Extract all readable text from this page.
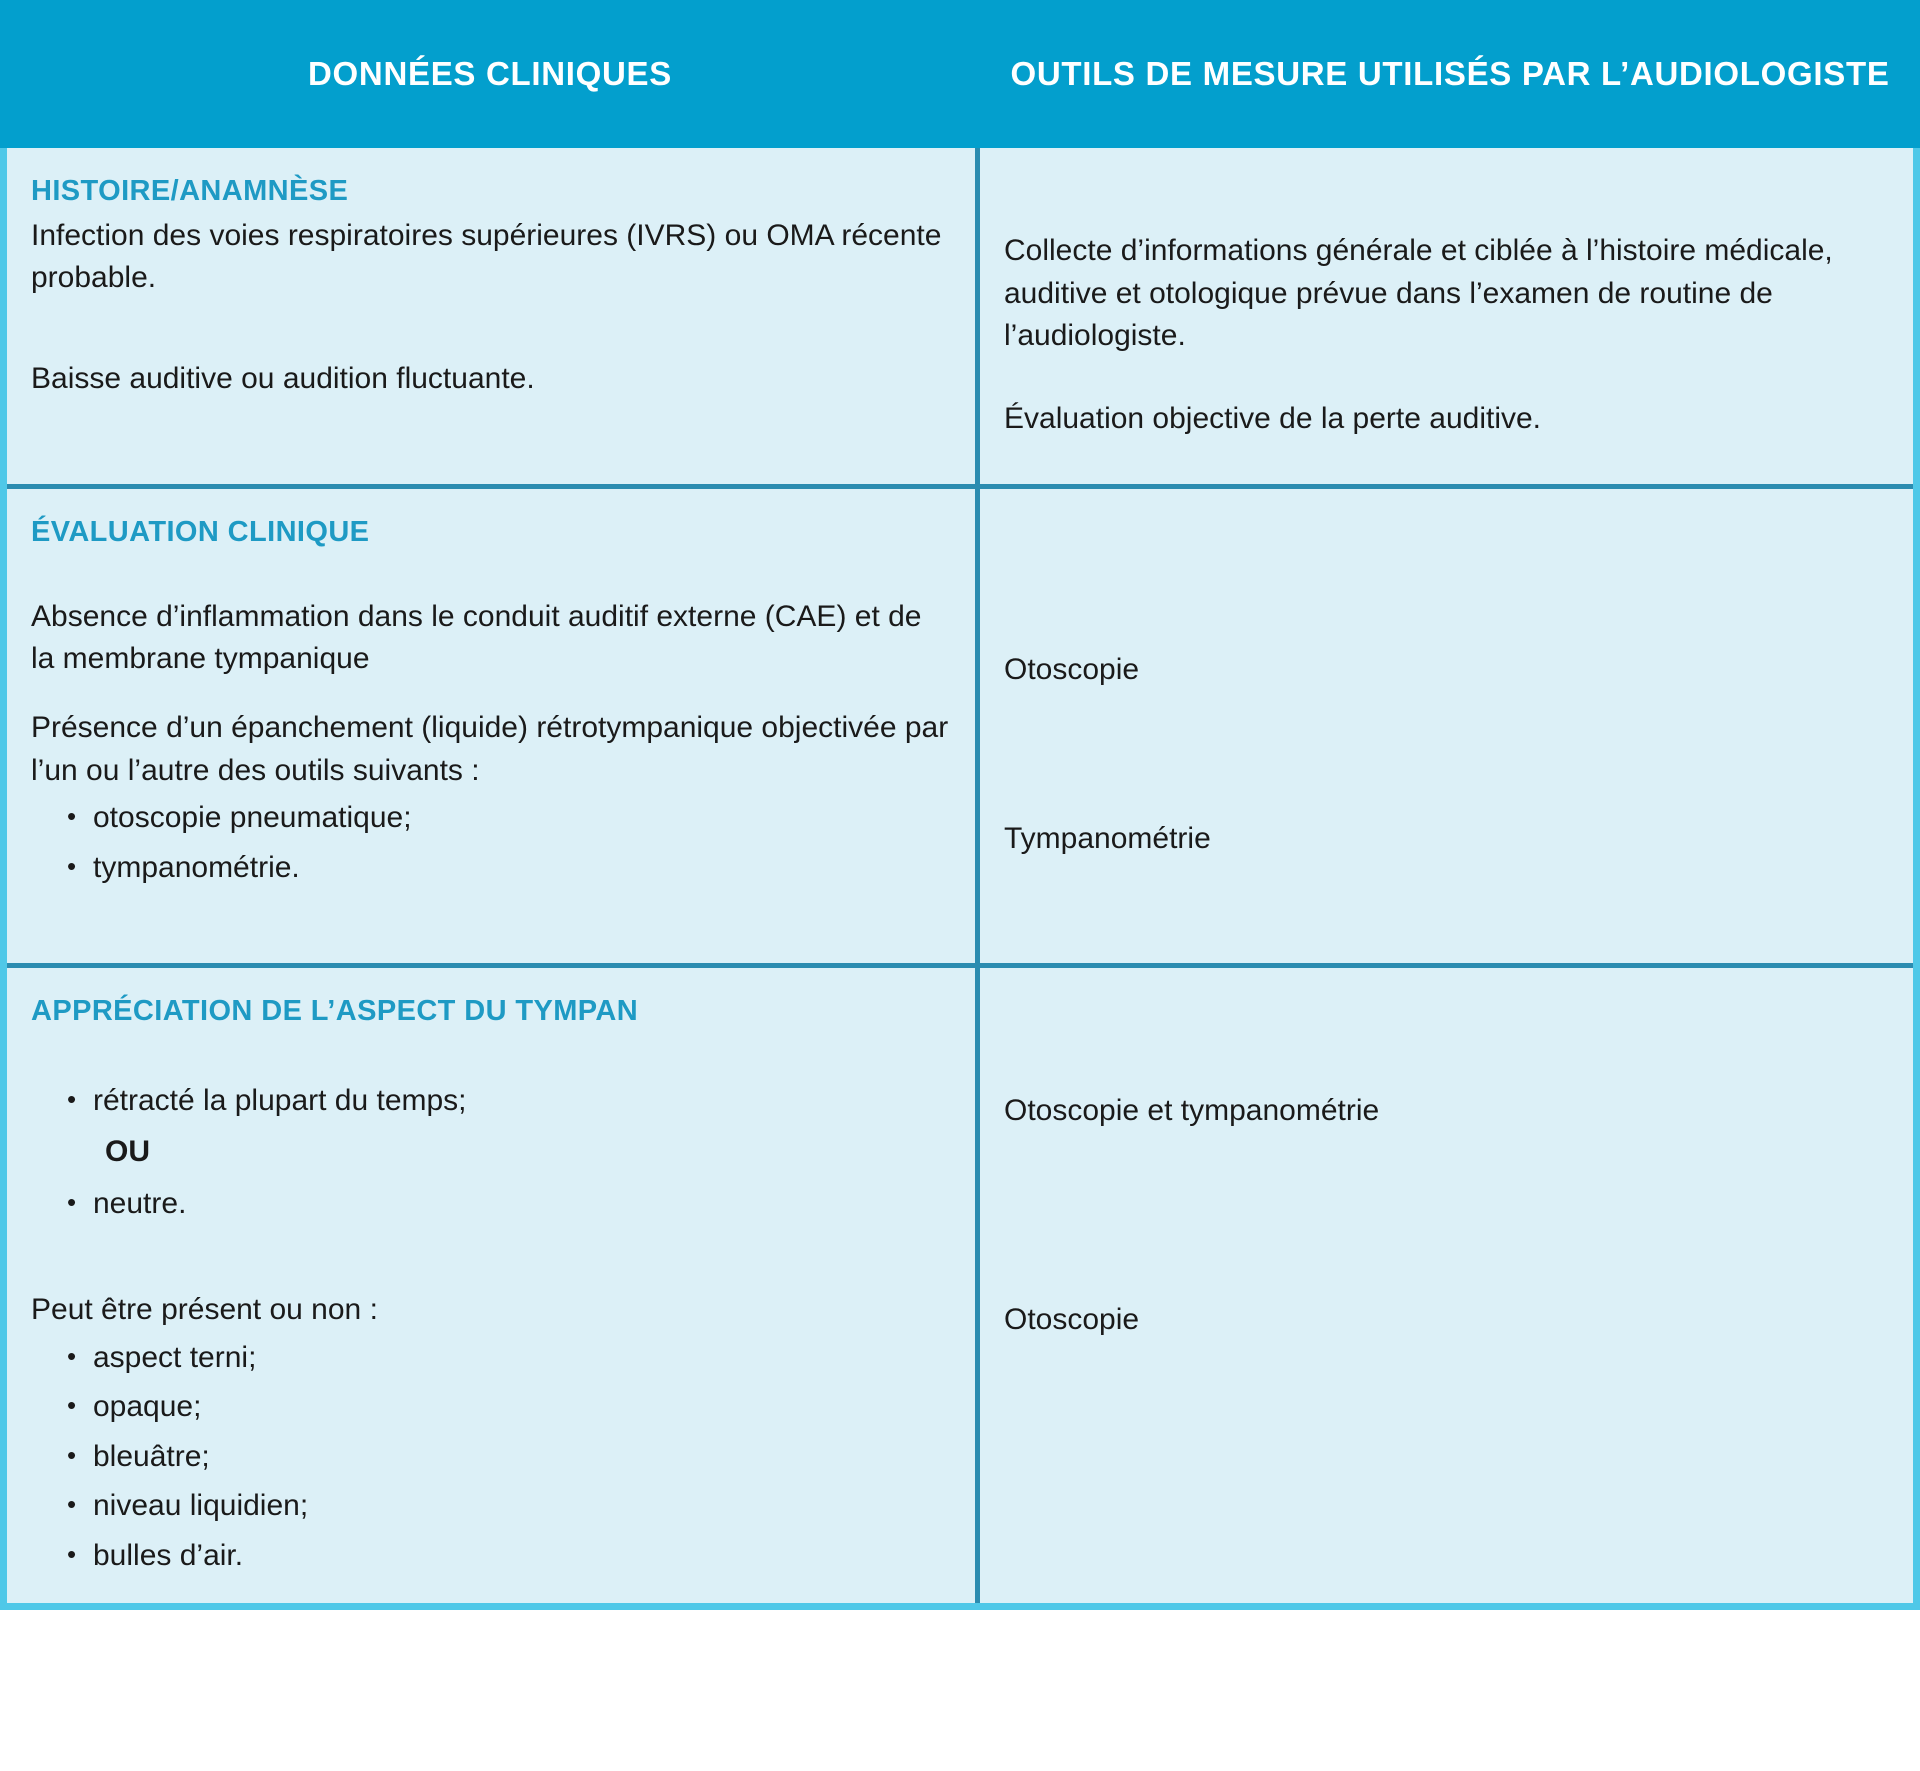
DONNÉES CLINIQUES	OUTILS DE MESURE UTILISÉS PAR L’AUDIOLOGISTE
HISTOIRE/ANAMNÈSE

Infection des voies respiratoires supérieures (IVRS) ou OMA récente probable.

Baisse auditive ou audition fluctuante.

Collecte d’informations générale et ciblée à l’histoire médicale, auditive et otologique prévue dans l’examen de routine de l’audiologiste.

Évaluation objective de la perte auditive.

ÉVALUATION CLINIQUE

Absence d’inflammation dans le conduit auditif externe (CAE) et de la membrane tympanique

Présence d’un épanchement (liquide) rétrotympanique objectivée par l’un ou l’autre des outils suivants :

• otoscopie pneumatique;
• tympanométrie.

Otoscopie

Tympanométrie

APPRÉCIATION DE L’ASPECT DU TYMPAN
• rétracté la plupart du temps;
OU
• neutre.

Peut être présent ou non :

• aspect terni;
• opaque;
• bleuâtre;
• niveau liquidien;
• bulles d’air.

Otoscopie et tympanométrie

Otoscopie
